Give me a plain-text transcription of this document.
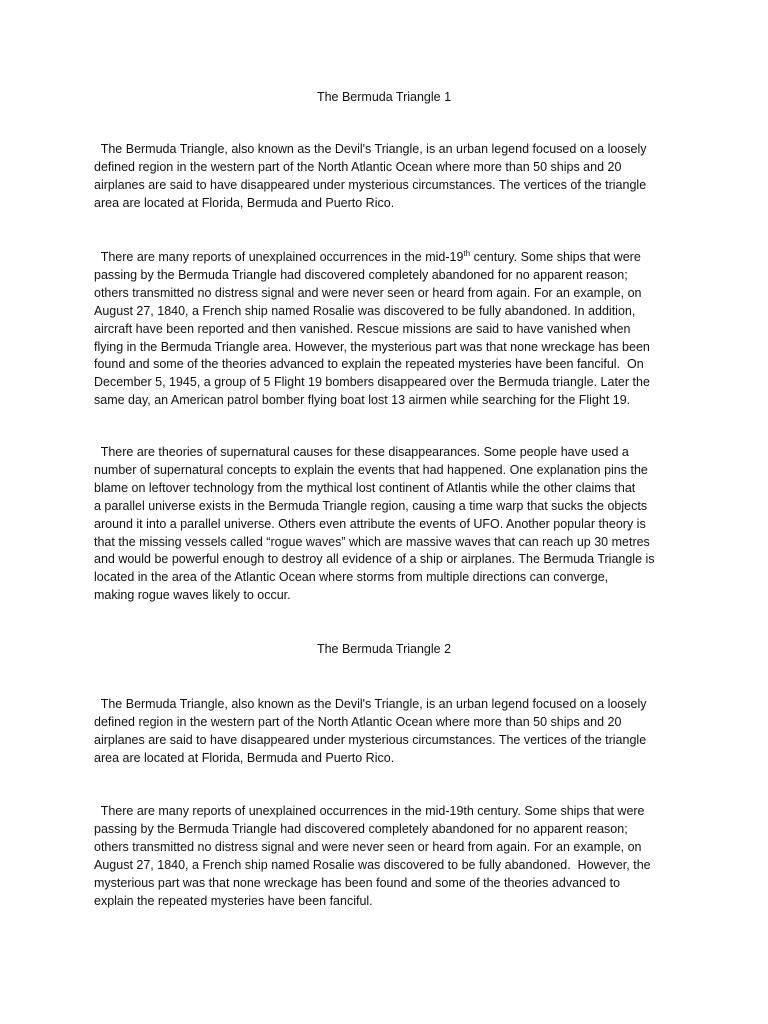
The Bermuda Triangle 1

The Bermuda Triangle, also known as the Devil's Triangle, is an urban legend focused on a loosely
defined region in the western part of the North Atlantic Ocean where more than 50 ships and 20
airplanes are said to have disappeared under mysterious circumstances. The vertices of the triangle
area are located at Florida, Bermuda and Puerto Rico.

There are many reports of unexplained occurrences in the mid-19th century. Some ships that were
passing by the Bermuda Triangle had discovered completely abandoned for no apparent reason;
others transmitted no distress signal and were never seen or heard from again. For an example, on
August 27, 1840, a French ship named Rosalie was discovered to be fully abandoned. In addition,
aircraft have been reported and then vanished. Rescue missions are said to have vanished when
flying in the Bermuda Triangle area. However, the mysterious part was that none wreckage has been
found and some of the theories advanced to explain the repeated mysteries have been fanciful.  On
December 5, 1945, a group of 5 Flight 19 bombers disappeared over the Bermuda triangle. Later the
same day, an American patrol bomber flying boat lost 13 airmen while searching for the Flight 19.

There are theories of supernatural causes for these disappearances. Some people have used a
number of supernatural concepts to explain the events that had happened. One explanation pins the
blame on leftover technology from the mythical lost continent of Atlantis while the other claims that
a parallel universe exists in the Bermuda Triangle region, causing a time warp that sucks the objects
around it into a parallel universe. Others even attribute the events of UFO. Another popular theory is
that the missing vessels called “rogue waves” which are massive waves that can reach up 30 metres
and would be powerful enough to destroy all evidence of a ship or airplanes. The Bermuda Triangle is
located in the area of the Atlantic Ocean where storms from multiple directions can converge,
making rogue waves likely to occur.

The Bermuda Triangle 2

The Bermuda Triangle, also known as the Devil's Triangle, is an urban legend focused on a loosely
defined region in the western part of the North Atlantic Ocean where more than 50 ships and 20
airplanes are said to have disappeared under mysterious circumstances. The vertices of the triangle
area are located at Florida, Bermuda and Puerto Rico.

There are many reports of unexplained occurrences in the mid-19th century. Some ships that were
passing by the Bermuda Triangle had discovered completely abandoned for no apparent reason;
others transmitted no distress signal and were never seen or heard from again. For an example, on
August 27, 1840, a French ship named Rosalie was discovered to be fully abandoned.  However, the
mysterious part was that none wreckage has been found and some of the theories advanced to
explain the repeated mysteries have been fanciful.
